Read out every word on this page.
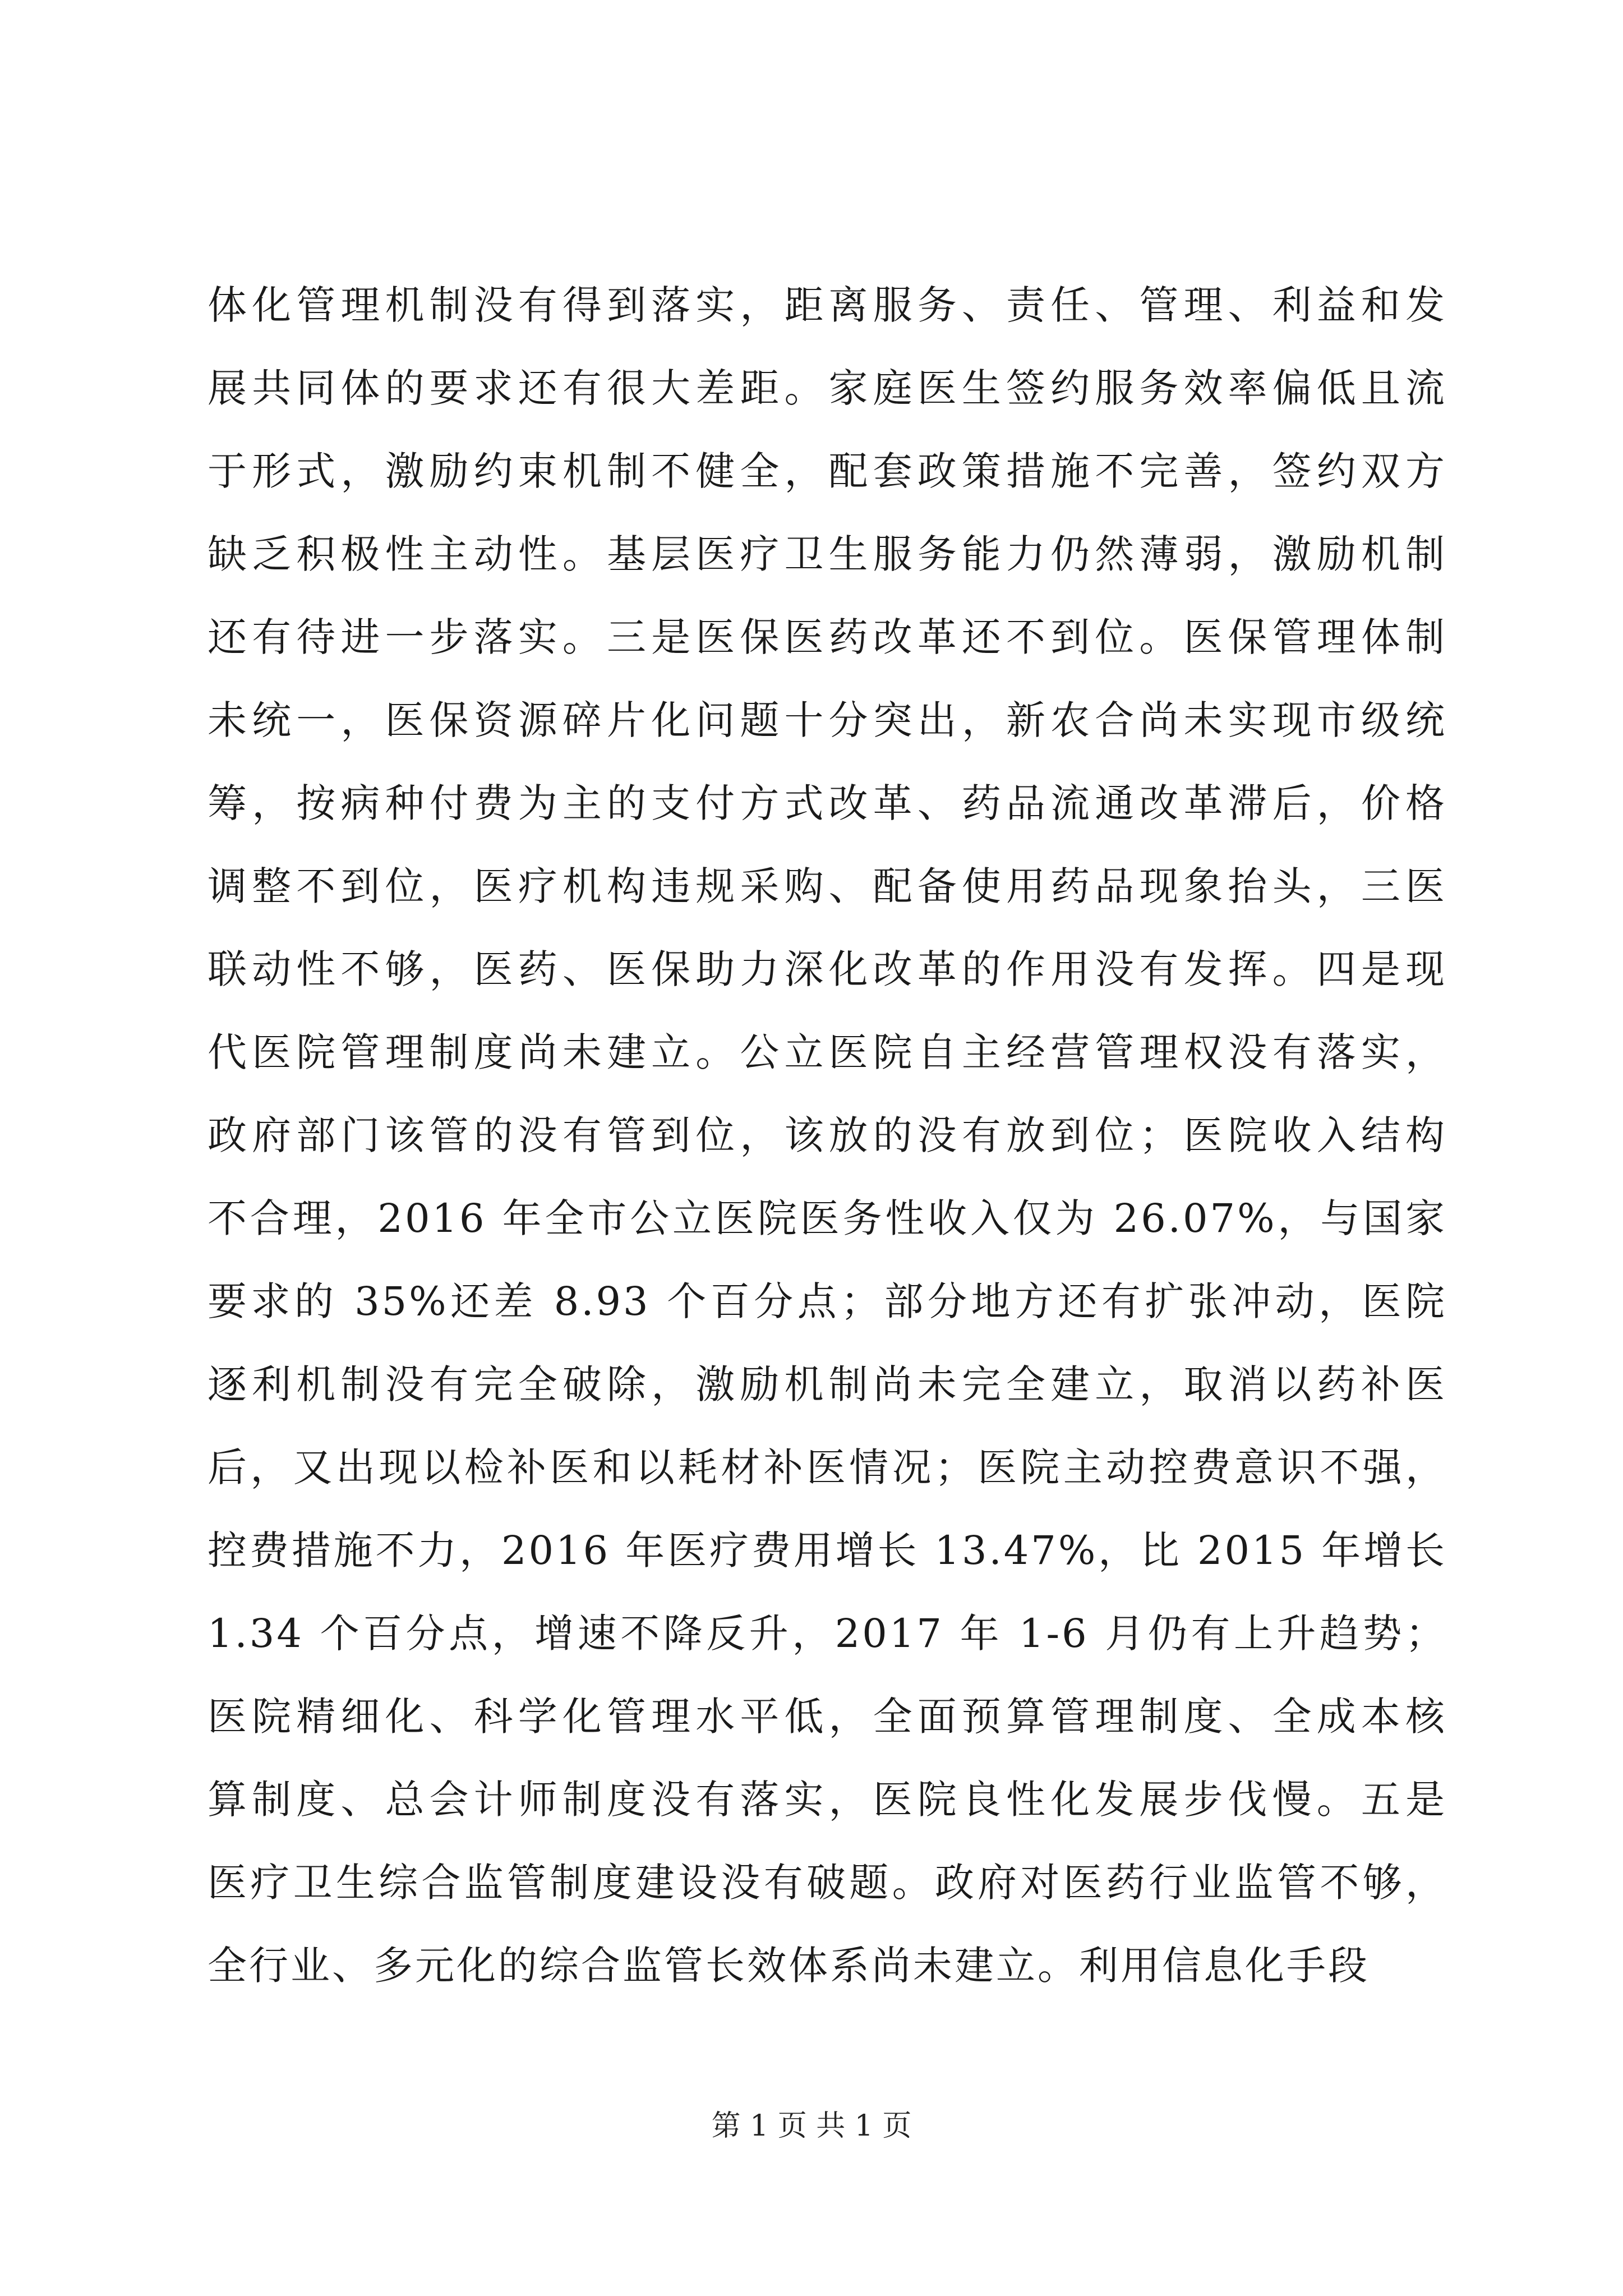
体化管理机制没有得到落实，距离服务、责任、管理、利益和发
展共同体的要求还有很大差距。家庭医生签约服务效率偏低且流
于形式，激励约束机制不健全，配套政策措施不完善，签约双方
缺乏积极性主动性。基层医疗卫生服务能力仍然薄弱，激励机制
还有待进一步落实。三是医保医药改革还不到位。医保管理体制
未统一，医保资源碎片化问题十分突出，新农合尚未实现市级统
筹，按病种付费为主的支付方式改革、药品流通改革滞后，价格
调整不到位，医疗机构违规采购、配备使用药品现象抬头，三医
联动性不够，医药、医保助力深化改革的作用没有发挥。四是现
代医院管理制度尚未建立。公立医院自主经营管理权没有落实，
政府部门该管的没有管到位，该放的没有放到位；医院收入结构
不合理，2016 年全市公立医院医务性收入仅为 26.07%，与国家
要求的 35%还差 8.93 个百分点；部分地方还有扩张冲动，医院
逐利机制没有完全破除，激励机制尚未完全建立，取消以药补医
后，又出现以检补医和以耗材补医情况；医院主动控费意识不强，
控费措施不力，2016 年医疗费用增长 13.47%，比 2015 年增长
1.34 个百分点，增速不降反升，2017 年 1-6 月仍有上升趋势；
医院精细化、科学化管理水平低，全面预算管理制度、全成本核
算制度、总会计师制度没有落实，医院良性化发展步伐慢。五是
医疗卫生综合监管制度建设没有破题。政府对医药行业监管不够，
全行业、多元化的综合监管长效体系尚未建立。利用信息化手段
第 1 页 共 1 页
